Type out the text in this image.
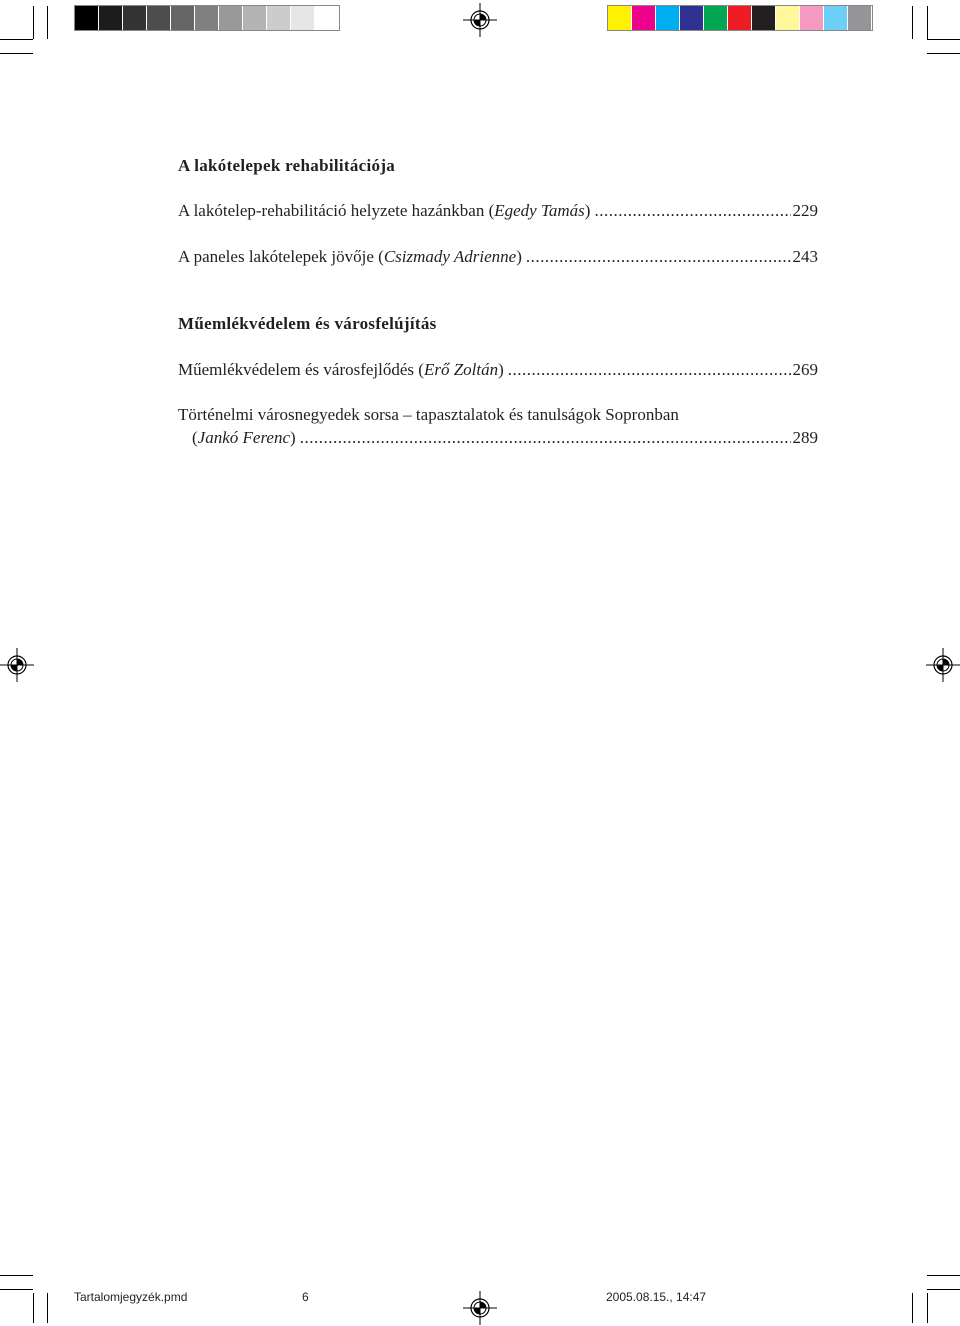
A lakótelepek rehabilitációja
A lakótelep-rehabilitáció helyzete hazánkban (Egedy Tamás) .....	229
A paneles lakótelepek jövője (Csizmady Adrienne) .....	243
Műemlékvédelem és városfelújítás
Műemlékvédelem és városfejlődés (Erő Zoltán) .....	269
Történelmi városnegyedek sorsa – tapasztalatok és tanulságok Sopronban
(Jankó Ferenc) .....	289
Tartalomjegyzék.pmd	6	2005.08.15., 14:47
